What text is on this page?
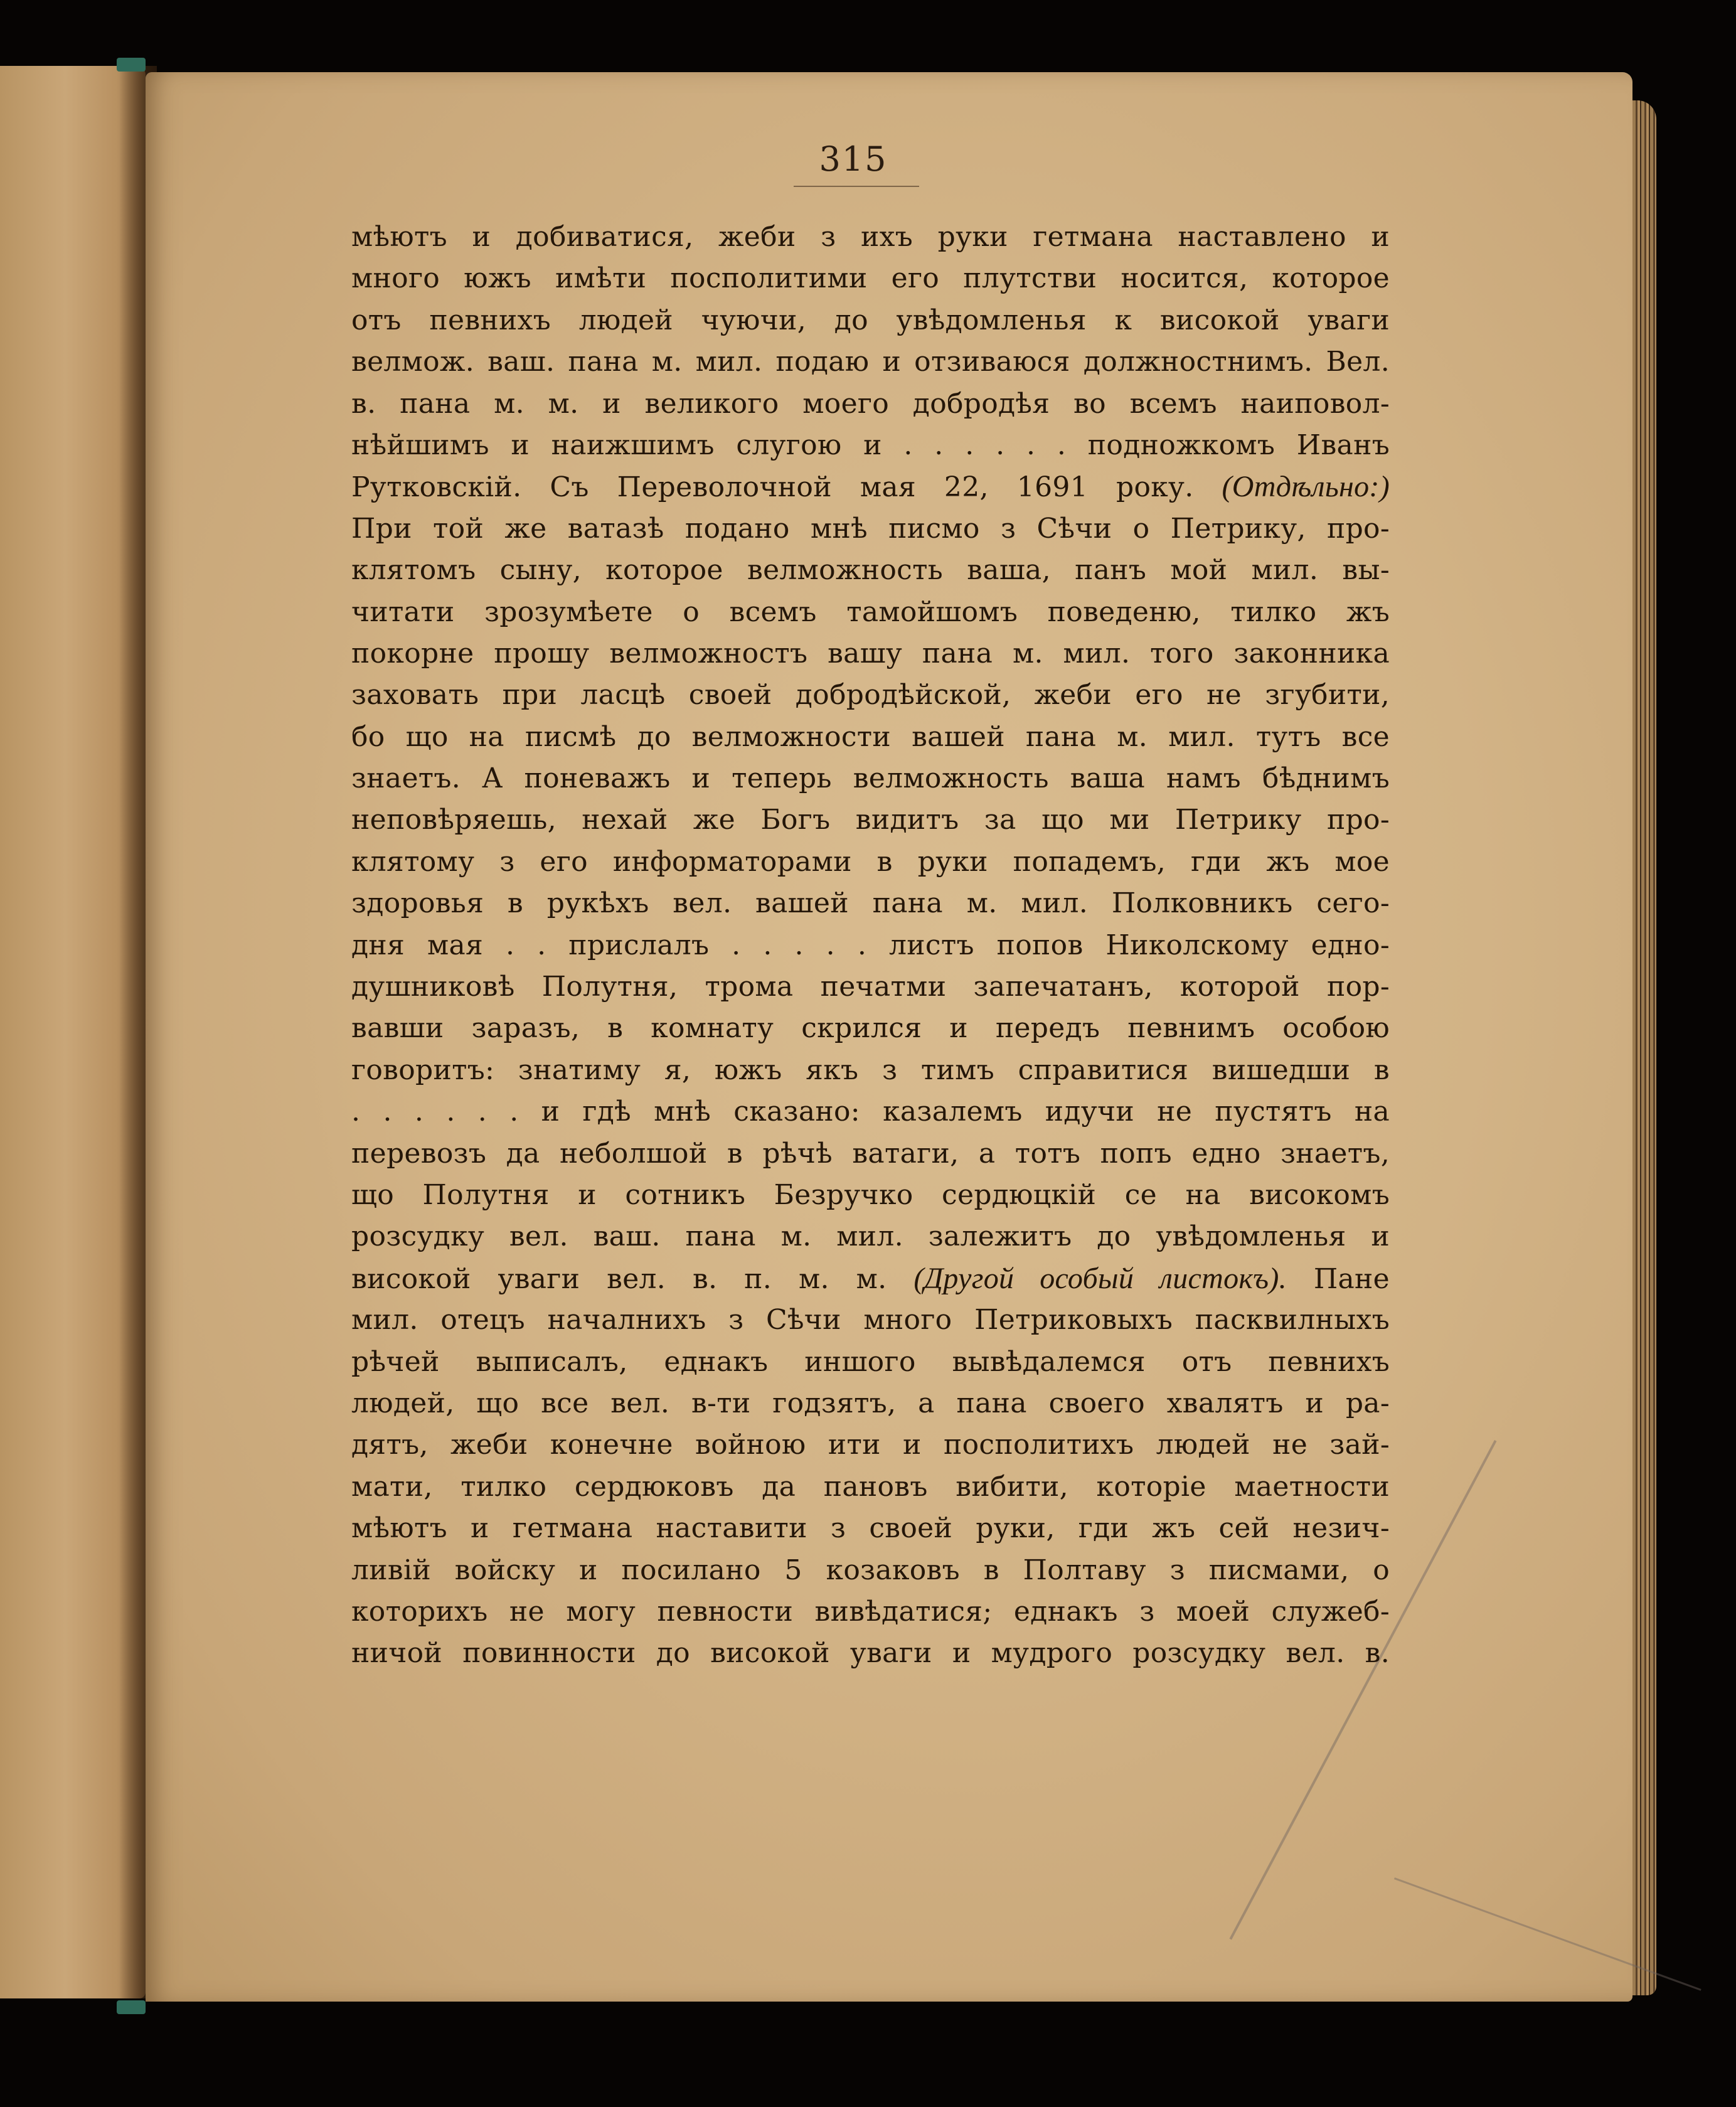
315
мѣютъ и добиватися, жеби з ихъ руки гетмана наставлено и
много южъ имѣти посполитими его плутстви носится, которое
отъ певнихъ людей чуючи, до увѣдомленья к високой уваги
велмож. ваш. пана м. мил. подаю и отзиваюся должностнимъ. Вел.
в. пана м. м. и великого моего добродѣя во всемъ наиповол-
нѣйшимъ и наижшимъ слугою и . . . . . . подножкомъ Иванъ
Рутковскій. Съ Переволочной мая 22, 1691 року. (Отдѣльно:)
При той же ватазѣ подано мнѣ писмо з Сѣчи о Петрику, про-
клятомъ сыну, которое велможность ваша, панъ мой мил. вы-
читати зрозумѣете о всемъ тамойшомъ поведеню, тилко жъ
покорне прошу велможностъ вашу пана м. мил. того законника
заховать при ласцѣ своей добродѣйской, жеби его не згубити,
бо що на писмѣ до велможности вашей пана м. мил. тутъ все
знаетъ. А поневажъ и теперь велможность ваша намъ бѣднимъ
неповѣряешь, нехай же Богъ видитъ за що ми Петрику про-
клятому з его информаторами в руки попадемъ, гди жъ мое
здоровья в рукѣхъ вел. вашей пана м. мил. Полковникъ сего-
дня мая . . прислалъ . . . . . листъ попов Николскому едно-
душниковѣ Полутня, трома печатми запечатанъ, которой пор-
вавши заразъ, в комнату скрился и передъ певнимъ особою
говоритъ: знатиму я, южъ якъ з тимъ справитися вишедши в
. . . . . . и гдѣ мнѣ сказано: казалемъ идучи не пустятъ на
перевозъ да неболшой в рѣчѣ ватаги, а тотъ попъ едно знаетъ,
що Полутня и сотникъ Безручко сердюцкій се на високомъ
розсудку вел. ваш. пана м. мил. залежитъ до увѣдомленья и
високой уваги вел. в. п. м. м. (Другой особый листокъ). Пане
мил. отецъ началнихъ з Сѣчи много Петриковыхъ пасквилныхъ
рѣчей выписалъ, еднакъ иншого вывѣдалемся отъ певнихъ
людей, що все вел. в-ти годзятъ, а пана своего хвалятъ и ра-
дятъ, жеби конечне войною ити и посполитихъ людей не зай-
мати, тилко сердюковъ да пановъ вибити, которіе маетности
мѣютъ и гетмана наставити з своей руки, гди жъ сей незич-
ливій войску и посилано 5 козаковъ в Полтаву з писмами, о
которихъ не могу певности вивѣдатися; еднакъ з моей служеб-
ничой повинности до високой уваги и мудрого розсудку вел. в.
